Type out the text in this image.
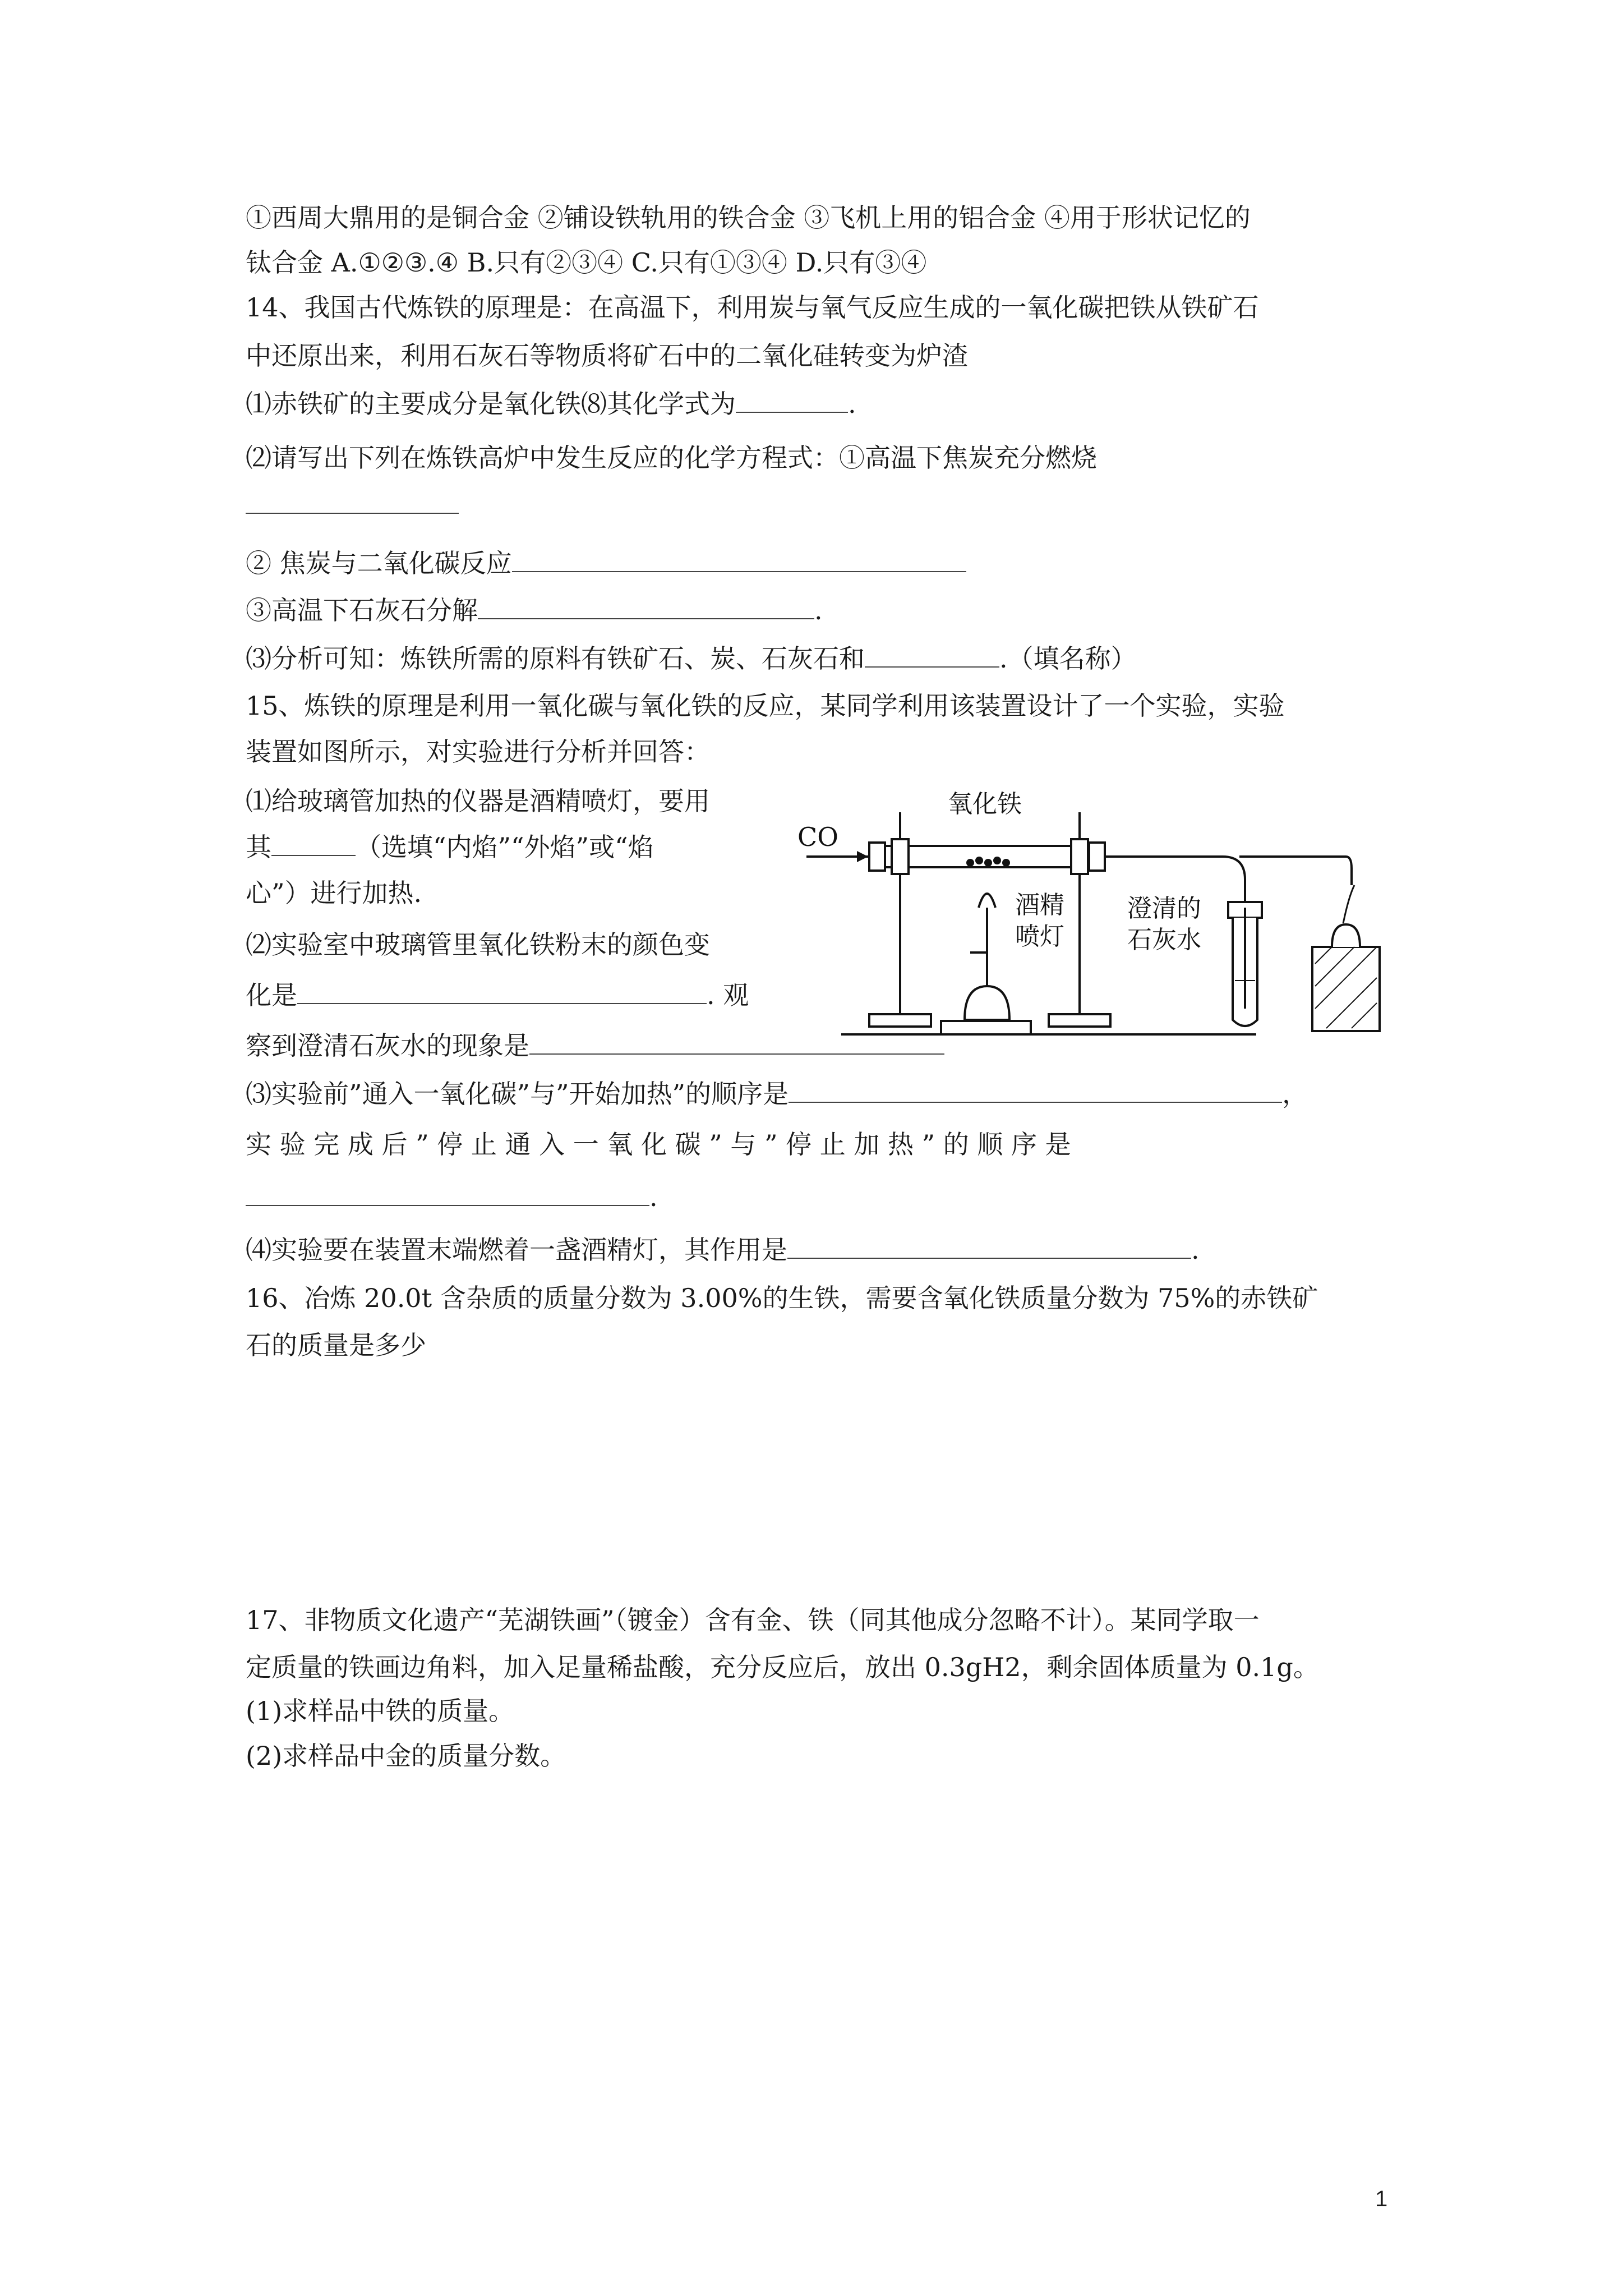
①西周大鼎用的是铜合金 ②铺设铁轨用的铁合金 ③飞机上用的铝合金 ④用于形状记忆的
钛合金 A.①②③.④ B.只有②③④ C.只有①③④ D.只有③④
14、我国古代炼铁的原理是：在高温下，利用炭与氧气反应生成的一氧化碳把铁从铁矿石
中还原出来，利用石灰石等物质将矿石中的二氧化硅转变为炉渣
⑴赤铁矿的主要成分是氧化铁⑻其化学式为	.
⑵请写出下列在炼铁高炉中发生反应的化学方程式：①高温下焦炭充分燃烧
② 焦炭与二氧化碳反应
③高温下石灰石分解	.
⑶分析可知：炼铁所需的原料有铁矿石、炭、石灰石和	.（填名称）
15、炼铁的原理是利用一氧化碳与氧化铁的反应，某同学利用该装置设计了一个实验，实验
装置如图所示，对实验进行分析并回答：
⑴给玻璃管加热的仪器是酒精喷灯，要用
其	（选填“内焰”“外焰”或“焰
心”）进行加热.
⑵实验室中玻璃管里氧化铁粉末的颜色变
化是	. 观
察到澄清石灰水的现象是
⑶实验前”通入一氧化碳”与”开始加热”的顺序是	，
实 验 完 成 后 ” 停 止 通 入 一 氧 化 碳 ” 与 ” 停 止 加 热 ” 的 顺 序 是
.
⑷实验要在装置末端燃着一盏酒精灯，其作用是	.
16、冶炼 20.0t 含杂质的质量分数为 3.00%的生铁，需要含氧化铁质量分数为 75%的赤铁矿
石的质量是多少
17、非物质文化遗产“芜湖铁画”（镀金）含有金、铁（同其他成分忽略不计）。某同学取一
定质量的铁画边角料，加入足量稀盐酸，充分反应后，放出 0.3gH2，剩余固体质量为 0.1g。
(1)求样品中铁的质量。
(2)求样品中金的质量分数。
CO
氧化铁
酒精
喷灯
澄清的
石灰水
1
